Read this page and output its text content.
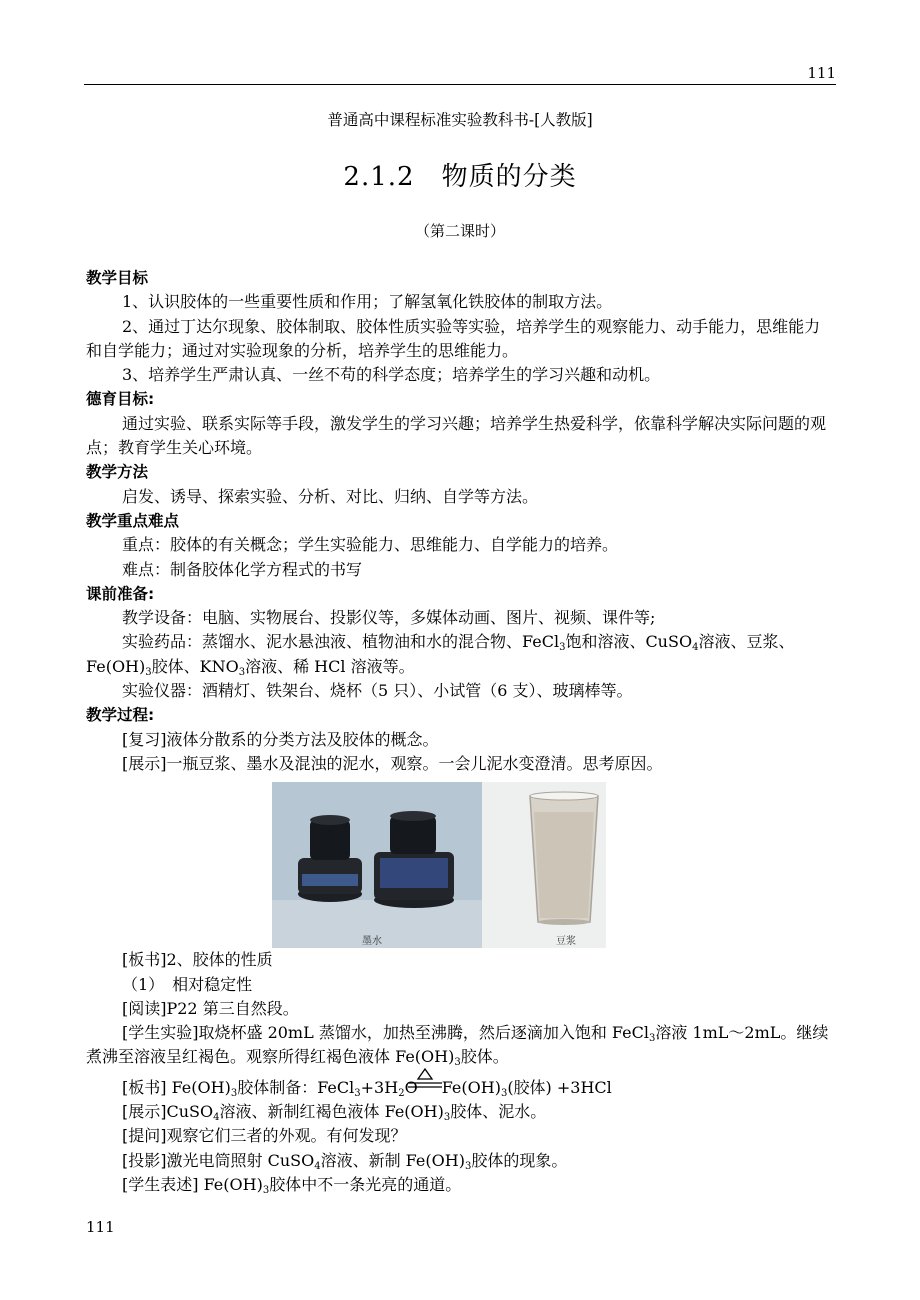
111
普通高中课程标准实验教科书-[人教版]
2.1.2　物质的分类
（第二课时）

教学目标

1、认识胶体的一些重要性质和作用；了解氢氧化铁胶体的制取方法。

2、通过丁达尔现象、胶体制取、胶体性质实验等实验，培养学生的观察能力、动手能力，思维能力和自学能力；通过对实验现象的分析，培养学生的思维能力。

3、培养学生严肃认真、一丝不苟的科学态度；培养学生的学习兴趣和动机。

德育目标:

通过实验、联系实际等手段，激发学生的学习兴趣；培养学生热爱科学，依靠科学解决实际问题的观点；教育学生关心环境。

教学方法

启发、诱导、探索实验、分析、对比、归纳、自学等方法。

教学重点难点

重点：胶体的有关概念；学生实验能力、思维能力、自学能力的培养。

难点：制备胶体化学方程式的书写

课前准备:

教学设备：电脑、实物展台、投影仪等，多媒体动画、图片、视频、课件等;

实验药品：蒸馏水、泥水悬浊液、植物油和水的混合物、FeCl$_3$饱和溶液、CuSO$_4$溶液、豆浆、$Fe(OH)_3$胶体、$KNO_3$溶液、稀 HCl 溶液等。

实验仪器：酒精灯、铁架台、烧杯（5 只）、小试管（6 支）、玻璃棒等。

教学过程:

[复习]液体分散系的分类方法及胶体的概念。

[展示]一瓶豆浆、墨水及混浊的泥水，观察。一会儿泥水变澄清。思考原因。

墨水	豆浆

[板书]2、胶体的性质

（1）　相对稳定性

[阅读]P22 第三自然段。

[学生实验]取烧杯盛 20mL 蒸馏水，加热至沸腾，然后逐滴加入饱和 FeCl$_3$溶液 1mL～2mL。继续煮沸至溶液呈红褐色。观察所得红褐色液体 $Fe(OH)_3$胶体。

[板书] $Fe(OH)_3$胶体制备：$FeCl_3+3H_2O$ $Fe(OH)_3$(胶体) +3HCl

[展示]CuSO$_4$溶液、新制红褐色液体 $Fe(OH)_3$胶体、泥水。

[提问]观察它们三者的外观。有何发现？

[投影]激光电筒照射 CuSO$_4$溶液、新制 $Fe(OH)_3$胶体的现象。

[学生表述] $Fe(OH)_3$胶体中不一条光亮的通道。

111
